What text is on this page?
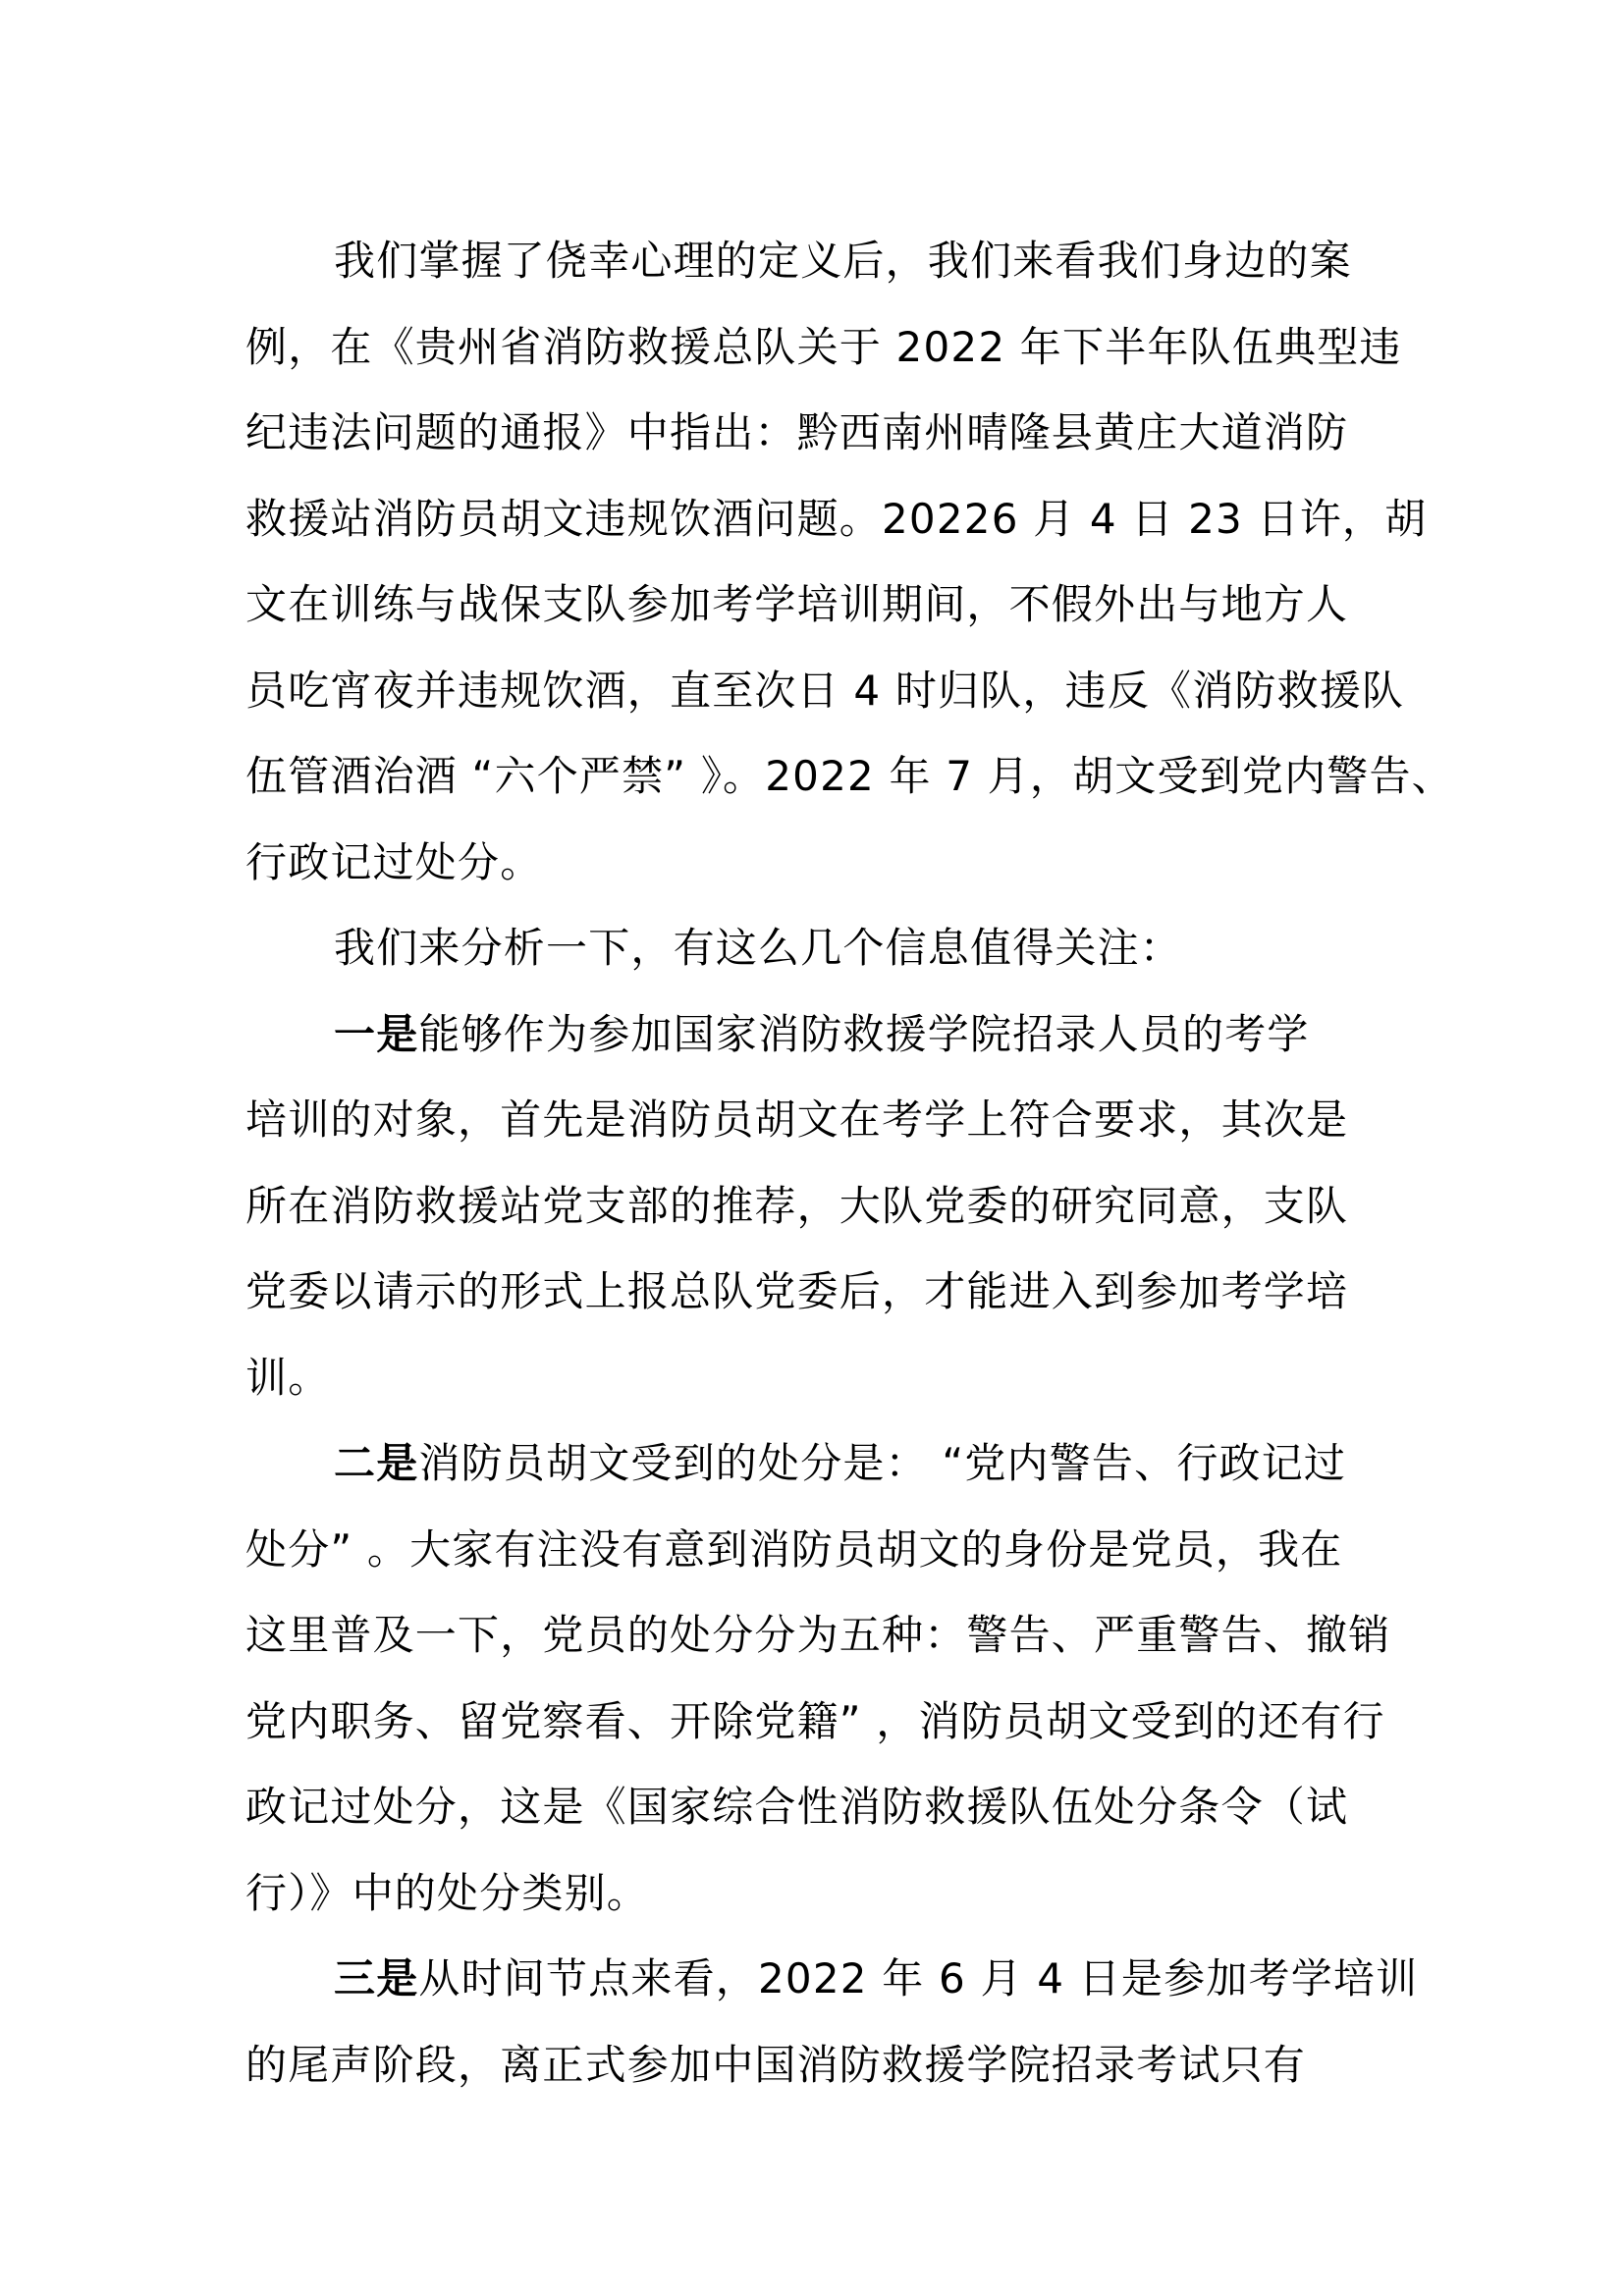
我们掌握了侥幸心理的定义后，我们来看我们身边的案
例，在《贵州省消防救援总队关于 2022 年下半年队伍典型违
纪违法问题的通报》中指出：黔西南州晴隆县黄庄大道消防
救援站消防员胡文违规饮酒问题。20226 月 4 日 23 日许，胡
文在训练与战保支队参加考学培训期间，不假外出与地方人
员吃宵夜并违规饮酒，直至次日 4 时归队，违反《消防救援队
伍管酒治酒 “六个严禁” 》。2022 年 7 月，胡文受到党内警告、
行政记过处分。
我们来分析一下，有这么几个信息值得关注：
一是能够作为参加国家消防救援学院招录人员的考学
培训的对象，首先是消防员胡文在考学上符合要求，其次是
所在消防救援站党支部的推荐，大队党委的研究同意，支队
党委以请示的形式上报总队党委后，才能进入到参加考学培
训。
二是消防员胡文受到的处分是： “党内警告、行政记过
处分” 。大家有注没有意到消防员胡文的身份是党员，我在
这里普及一下，党员的处分分为五种：警告、严重警告、撤销
党内职务、留党察看、开除党籍” ，消防员胡文受到的还有行
政记过处分，这是《国家综合性消防救援队伍处分条令（试
行）》中的处分类别。
三是从时间节点来看，2022 年 6 月 4 日是参加考学培训
的尾声阶段，离正式参加中国消防救援学院招录考试只有
